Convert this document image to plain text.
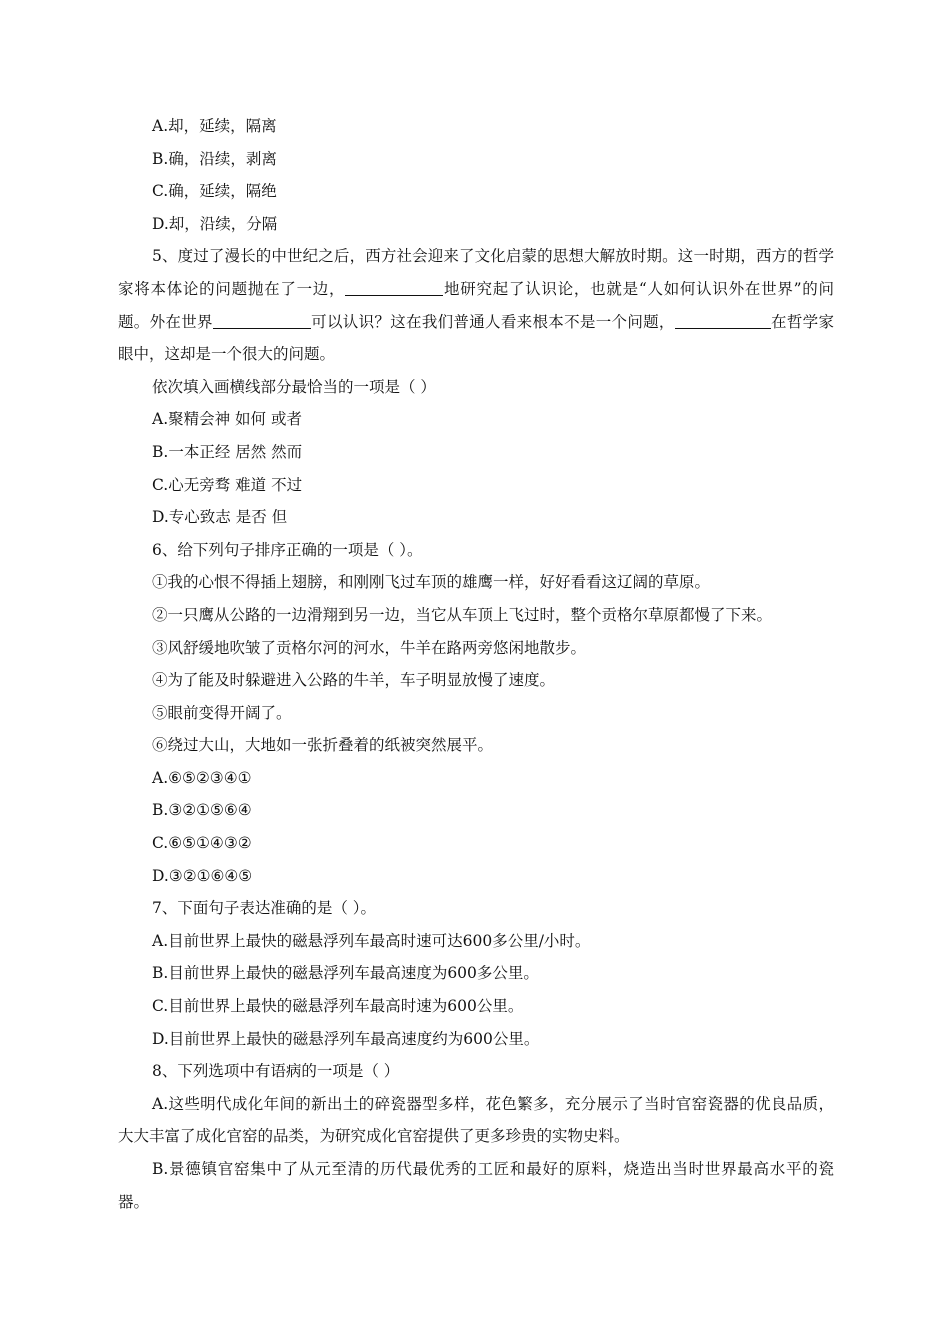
A.却，延续，隔离
B.确，沿续，剥离
C.确，延续，隔绝
D.却，沿续，分隔
5、度过了漫长的中世纪之后，西方社会迎来了文化启蒙的思想大解放时期。这一时期，西方的哲学家将本体论的问题抛在了一边，	地研究起了认识论，也就是“人如何认识外在世界”的问题。外在世界	可以认识？这在我们普通人看来根本不是一个问题，	在哲学家眼中，这却是一个很大的问题。
依次填入画横线部分最恰当的一项是（ ）
A.聚精会神 如何 或者
B.一本正经 居然 然而
C.心无旁骛 难道 不过
D.专心致志 是否 但
6、给下列句子排序正确的一项是（ ）。
①我的心恨不得插上翅膀，和刚刚飞过车顶的雄鹰一样，好好看看这辽阔的草原。
②一只鹰从公路的一边滑翔到另一边，当它从车顶上飞过时，整个贡格尔草原都慢了下来。
③风舒缓地吹皱了贡格尔河的河水，牛羊在路两旁悠闲地散步。
④为了能及时躲避进入公路的牛羊，车子明显放慢了速度。
⑤眼前变得开阔了。
⑥绕过大山，大地如一张折叠着的纸被突然展平。
A.⑥⑤②③④①
B.③②①⑤⑥④
C.⑥⑤①④③②
D.③②①⑥④⑤
7、下面句子表达准确的是（ ）。
A.目前世界上最快的磁悬浮列车最高时速可达600多公里/小时。
B.目前世界上最快的磁悬浮列车最高速度为600多公里。
C.目前世界上最快的磁悬浮列车最高时速为600公里。
D.目前世界上最快的磁悬浮列车最高速度约为600公里。
8、下列选项中有语病的一项是（ ）
A.这些明代成化年间的新出土的碎瓷器型多样，花色繁多，充分展示了当时官窑瓷器的优良品质，大大丰富了成化官窑的品类，为研究成化官窑提供了更多珍贵的实物史料。
B.景德镇官窑集中了从元至清的历代最优秀的工匠和最好的原料，烧造出当时世界最高水平的瓷器。
